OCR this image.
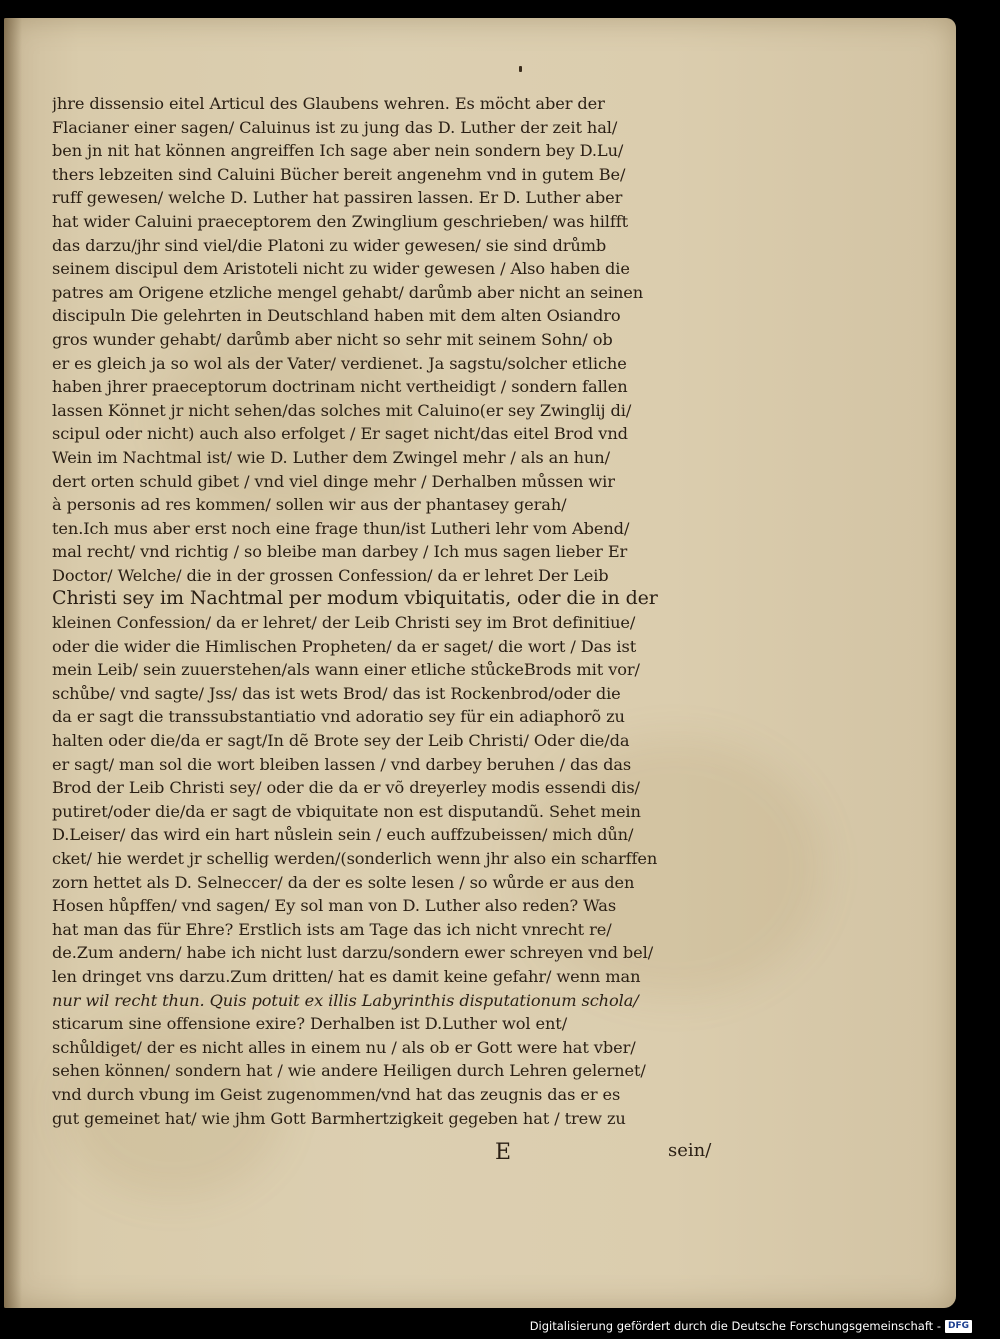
jhre dissensio eitel Articul des Glaubens wehren. Es möcht aber der
Flacianer einer sagen/ Caluinus ist zu jung das D. Luther der zeit hal/
ben jn nit hat können angreiffen Ich sage aber nein sondern bey D.Lu/
thers lebzeiten sind Caluini Bücher bereit angenehm vnd in gutem Be/
ruff gewesen/ welche D. Luther hat passiren lassen. Er D. Luther aber
hat wider Caluini praeceptorem den Zwinglium geschrieben/ was hilfft
das darzu/jhr sind viel/die Platoni zu wider gewesen/ sie sind drůmb
seinem discipul dem Aristoteli nicht zu wider gewesen / Also haben die
patres am Origene etzliche mengel gehabt/ darůmb aber nicht an seinen
discipuln Die gelehrten in Deutschland haben mit dem alten Osiandro
gros wunder gehabt/ darůmb aber nicht so sehr mit seinem Sohn/ ob
er es gleich ja so wol als der Vater/ verdienet. Ja sagstu/solcher etliche
haben jhrer praeceptorum doctrinam nicht vertheidigt / sondern fallen
lassen Könnet jr nicht sehen/das solches mit Caluino(er sey Zwinglij di/
scipul oder nicht) auch also erfolget / Er saget nicht/das eitel Brod vnd
Wein im Nachtmal ist/ wie D. Luther dem Zwingel mehr / als an hun/
dert orten schuld gibet / vnd viel dinge mehr / Derhalben můssen wir
à personis ad res kommen/ sollen wir aus der phantasey gerah/
ten.Ich mus aber erst noch eine frage thun/ist Lutheri lehr vom Abend/
mal recht/ vnd richtig / so bleibe man darbey / Ich mus sagen lieber Er
Doctor/ Welche/ die in der grossen Confession/ da er lehret Der Leib
Christi sey im Nachtmal per modum vbiquitatis, oder die in der
kleinen Confession/ da er lehret/ der Leib Christi sey im Brot definitiue/
oder die wider die Himlischen Propheten/ da er saget/ die wort / Das ist
mein Leib/ sein zuuerstehen/als wann einer etliche stůckeBrods mit vor/
schůbe/ vnd sagte/ Jss/ das ist wets Brod/ das ist Rockenbrod/oder die
da er sagt die transsubstantiatio vnd adoratio sey für ein adiaphorõ zu
halten oder die/da er sagt/In dẽ Brote sey der Leib Christi/ Oder die/da
er sagt/ man sol die wort bleiben lassen / vnd darbey beruhen / das das
Brod der Leib Christi sey/ oder die da er võ dreyerley modis essendi dis/
putiret/oder die/da er sagt de vbiquitate non est disputandũ. Sehet mein
D.Leiser/ das wird ein hart nůslein sein / euch auffzubeissen/ mich důn/
cket/ hie werdet jr schellig werden/(sonderlich wenn jhr also ein scharffen
zorn hettet als D. Selneccer/ da der es solte lesen / so wůrde er aus den
Hosen hůpffen/ vnd sagen/ Ey sol man von D. Luther also reden? Was
hat man das für Ehre? Erstlich ists am Tage das ich nicht vnrecht re/
de.Zum andern/ habe ich nicht lust darzu/sondern ewer schreyen vnd bel/
len dringet vns darzu.Zum dritten/ hat es damit keine gefahr/ wenn man
nur wil recht thun. Quis potuit ex illis Labyrinthis disputationum schola/
sticarum sine offensione exire? Derhalben ist D.Luther wol ent/
schůldiget/ der es nicht alles in einem nu / als ob er Gott were hat vber/
sehen können/ sondern hat / wie andere Heiligen durch Lehren gelernet/
vnd durch vbung im Geist zugenommen/vnd hat das zeugnis das er es
gut gemeinet hat/ wie jhm Gott Barmhertzigkeit gegeben hat / trew zu
E	sein/
Digitalisierung gefördert durch die Deutsche Forschungsgemeinschaft - DFG
